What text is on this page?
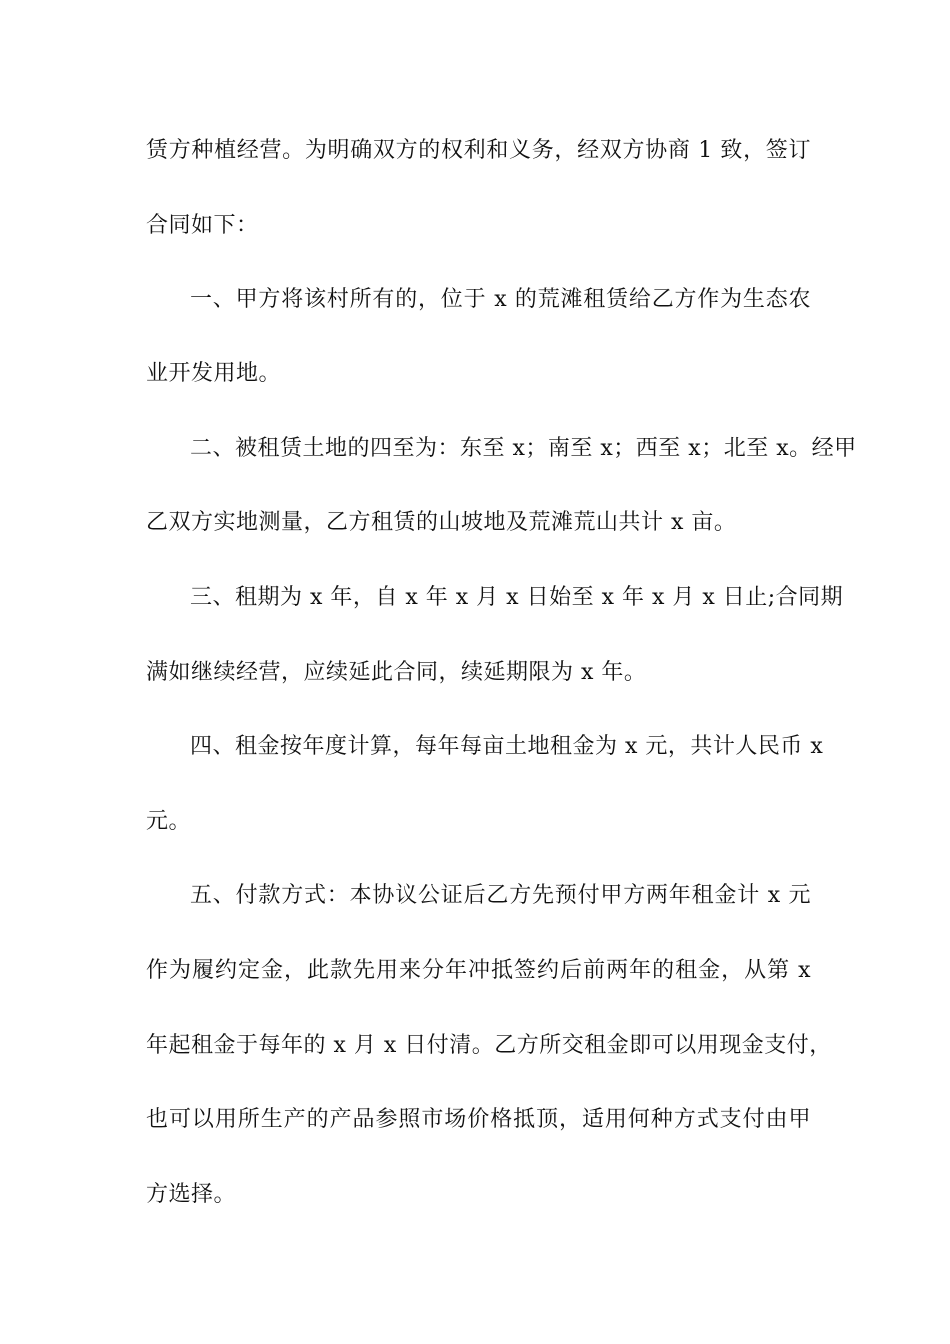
赁方种植经营。为明确双方的权利和义务，经双方协商 1 致，签订
合同如下：
一、甲方将该村所有的，位于 x 的荒滩租赁给乙方作为生态农
业开发用地。
二、被租赁土地的四至为：东至 x；南至 x；西至 x；北至 x。经甲
乙双方实地测量，乙方租赁的山坡地及荒滩荒山共计 x 亩。
三、租期为 x 年，自 x 年 x 月 x 日始至 x 年 x 月 x 日止;合同期
满如继续经营，应续延此合同，续延期限为 x 年。
四、租金按年度计算，每年每亩土地租金为 x 元，共计人民币 x
元。
五、付款方式：本协议公证后乙方先预付甲方两年租金计 x 元
作为履约定金，此款先用来分年冲抵签约后前两年的租金，从第 x
年起租金于每年的 x 月 x 日付清。乙方所交租金即可以用现金支付，
也可以用所生产的产品参照市场价格抵顶，适用何种方式支付由甲
方选择。
